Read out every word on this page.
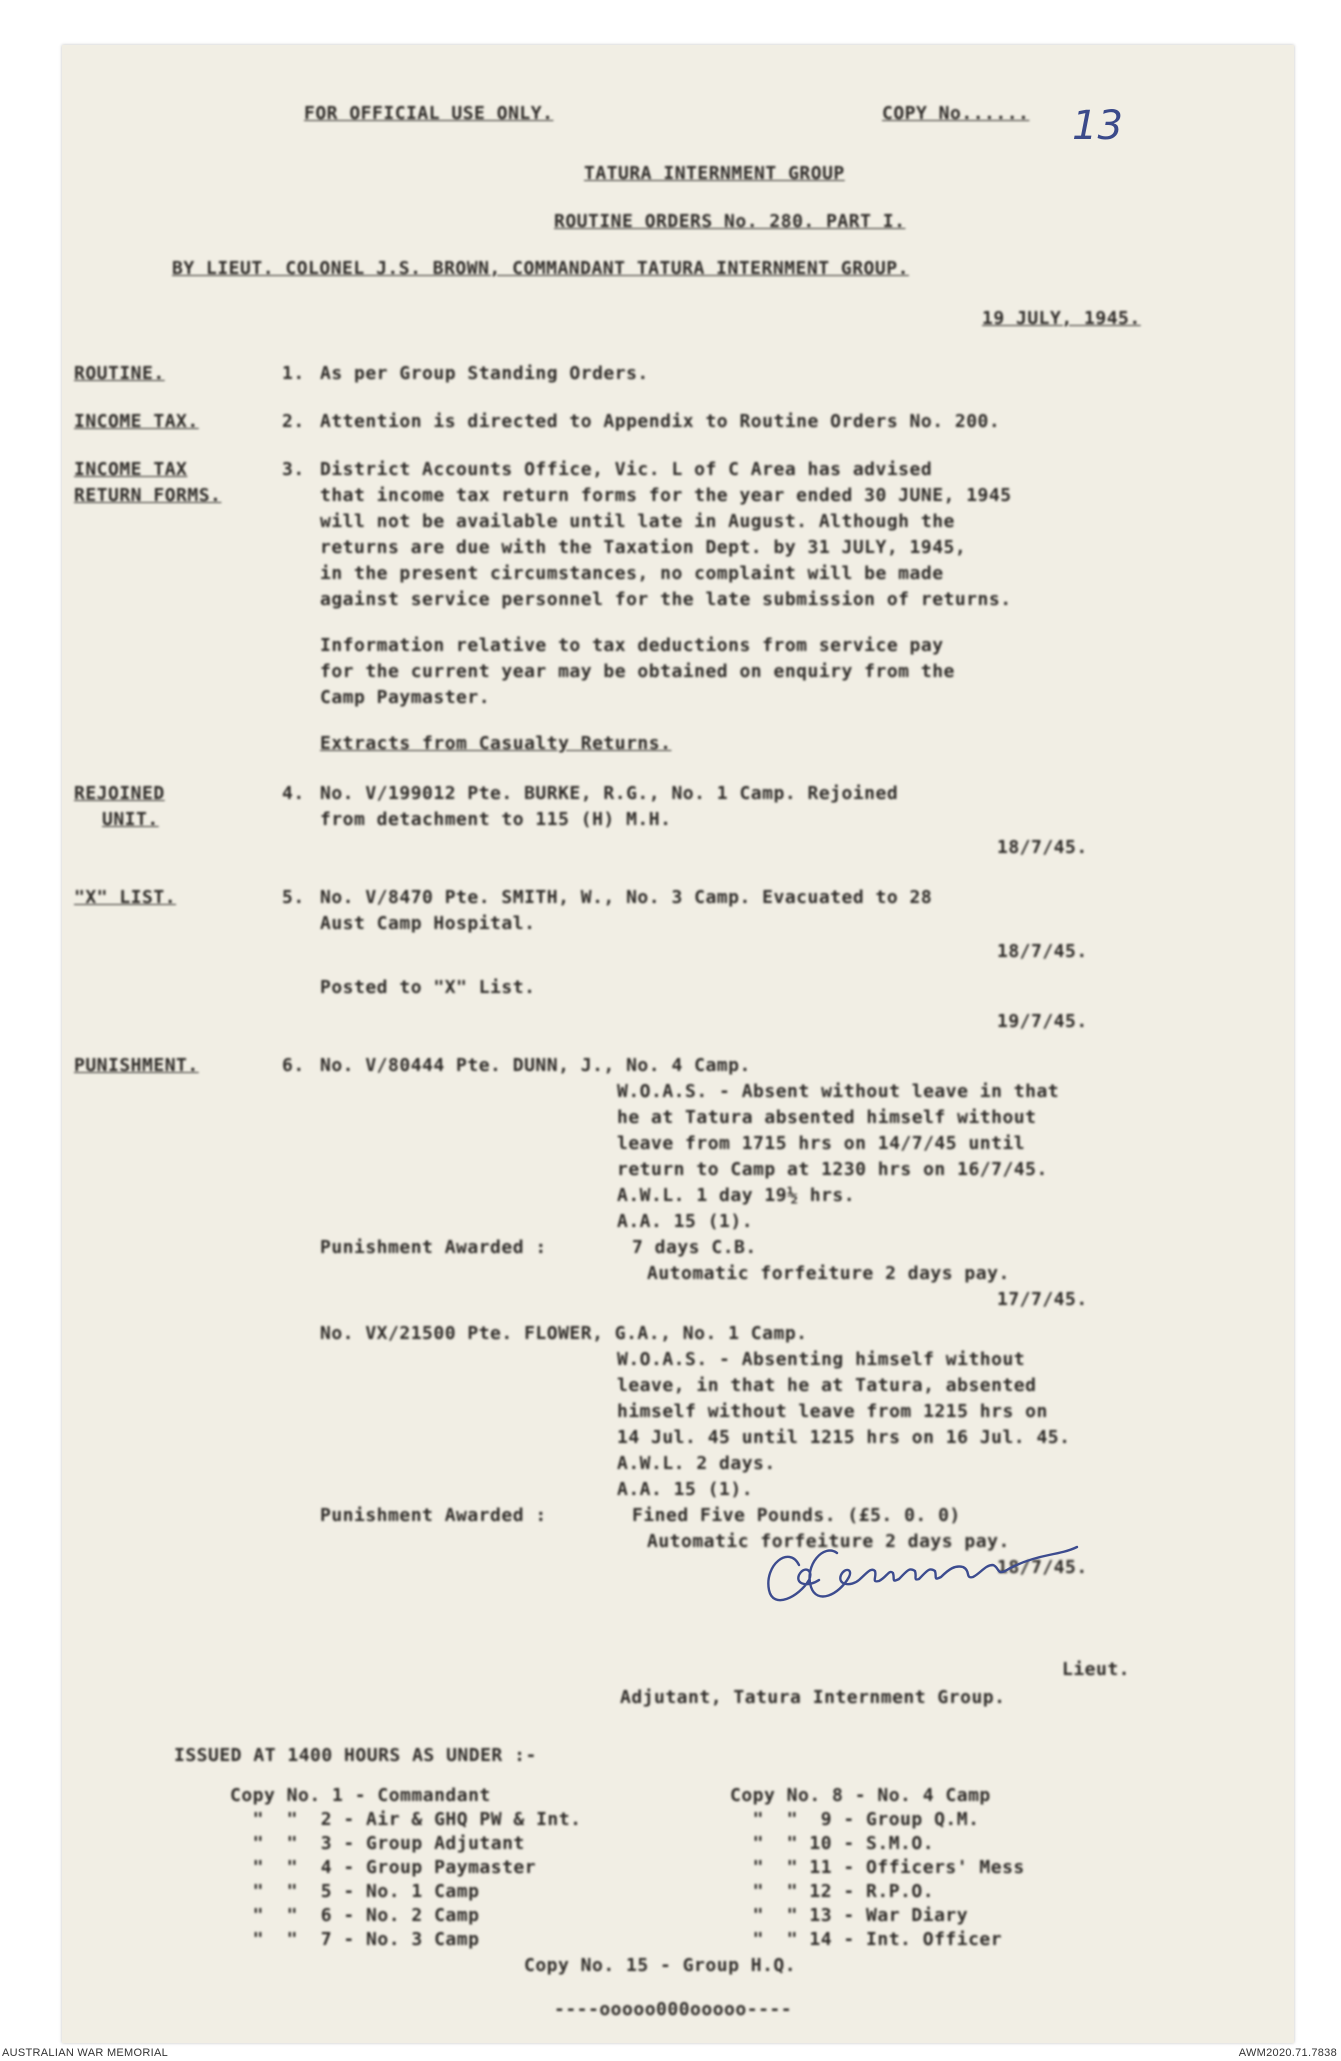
FOR OFFICIAL USE ONLY.	COPY No......
TATURA INTERNMENT GROUP
ROUTINE ORDERS No. 280. PART I.
BY LIEUT. COLONEL J.S. BROWN, COMMANDANT TATURA INTERNMENT GROUP.
19 JULY, 1945.
ROUTINE.	1. As per Group Standing Orders.
INCOME TAX.	2. Attention is directed to Appendix to Routine Orders No. 200.
INCOME TAX
RETURN FORMS.
3. District Accounts Office, Vic. L of C Area has advised
that income tax return forms for the year ended 30 JUNE, 1945
will not be available until late in August. Although the
returns are due with the Taxation Dept. by 31 JULY, 1945,
in the present circumstances, no complaint will be made
against service personnel for the late submission of returns.
Information relative to tax deductions from service pay
for the current year may be obtained on enquiry from the
Camp Paymaster.
Extracts from Casualty Returns.
REJOINED
UNIT.
4. No. V/199012 Pte. BURKE, R.G., No. 1 Camp. Rejoined
from detachment to 115 (H) M.H.
18/7/45.
"X" LIST.	5. No. V/8470 Pte. SMITH, W., No. 3 Camp. Evacuated to 28
Aust Camp Hospital.
18/7/45.
Posted to "X" List.
19/7/45.
PUNISHMENT.	6. No. V/80444 Pte. DUNN, J., No. 4 Camp.
W.O.A.S. - Absent without leave in that
he at Tatura absented himself without
leave from 1715 hrs on 14/7/45 until
return to Camp at 1230 hrs on 16/7/45.
A.W.L. 1 day 19½ hrs.
A.A. 15 (1).
Punishment Awarded :	7 days C.B.
Automatic forfeiture 2 days pay.
17/7/45.
No. VX/21500 Pte. FLOWER, G.A., No. 1 Camp.
W.O.A.S. - Absenting himself without
leave, in that he at Tatura, absented
himself without leave from 1215 hrs on
14 Jul. 45 until 1215 hrs on 16 Jul. 45.
A.W.L. 2 days.
A.A. 15 (1).
Punishment Awarded :	Fined Five Pounds. (£5. 0. 0)
Automatic forfeiture 2 days pay.
18/7/45.
Lieut.
Adjutant, Tatura Internment Group.
ISSUED AT 1400 HOURS AS UNDER :-
Copy No. 1 - Commandant
"  "  2 - Air & GHQ PW & Int.
"  "  3 - Group Adjutant
"  "  4 - Group Paymaster
"  "  5 - No. 1 Camp
"  "  6 - No. 2 Camp
"  "  7 - No. 3 Camp
Copy No. 8 - No. 4 Camp
"  "  9 - Group Q.M.
"  " 10 - S.M.O.
"  " 11 - Officers' Mess
"  " 12 - R.P.O.
"  " 13 - War Diary
"  " 14 - Int. Officer
Copy No. 15 - Group H.Q.
----ooooo000ooooo----
13
AUSTRALIAN WAR MEMORIAL	AWM2020.71.7838
